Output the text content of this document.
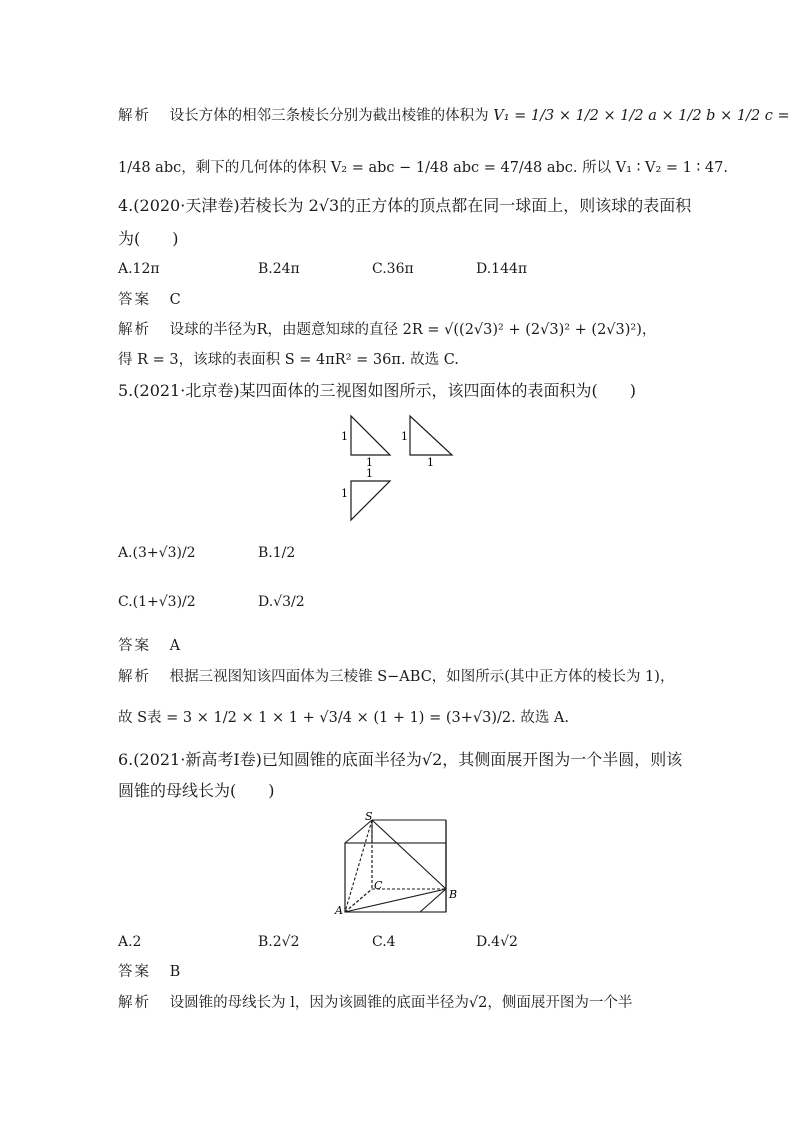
解析 设长方体的相邻三条棱长分别为截出棱锥的体积为 V₁ = 1/3 × 1/2 × 1/2 a × 1/2 b × 1/2 c =
1/48 abc，剩下的几何体的体积 V₂ = abc − 1/48 abc = 47/48 abc. 所以 V₁ ∶ V₂ = 1 ∶ 47.
4.(2020·天津卷)若棱长为 2√3的正方体的顶点都在同一球面上，则该球的表面积
为(　　)
A.12π	B.24π	C.36π	D.144π
答案 C
解析 设球的半径为R，由题意知球的直径 2R = √((2√3)² + (2√3)² + (2√3)²)，
得 R = 3，该球的表面积 S = 4πR² = 36π. 故选 C.
5.(2021·北京卷)某四面体的三视图如图所示，该四面体的表面积为(　　)
1
1
1
1
1
1
S
C
A
B
A.(3+√3)/2	B.1/2
C.(1+√3)/2	D.√3/2
答案 A
解析 根据三视图知该四面体为三棱锥 S−ABC，如图所示(其中正方体的棱长为 1)，
故 S表 = 3 × 1/2 × 1 × 1 + √3/4 × (1 + 1) = (3+√3)/2. 故选 A.
6.(2021·新高考Ⅰ卷)已知圆锥的底面半径为√2，其侧面展开图为一个半圆，则该
圆锥的母线长为(　　)
A.2	B.2√2	C.4	D.4√2
答案 B
解析 设圆锥的母线长为 l，因为该圆锥的底面半径为√2，侧面展开图为一个半
